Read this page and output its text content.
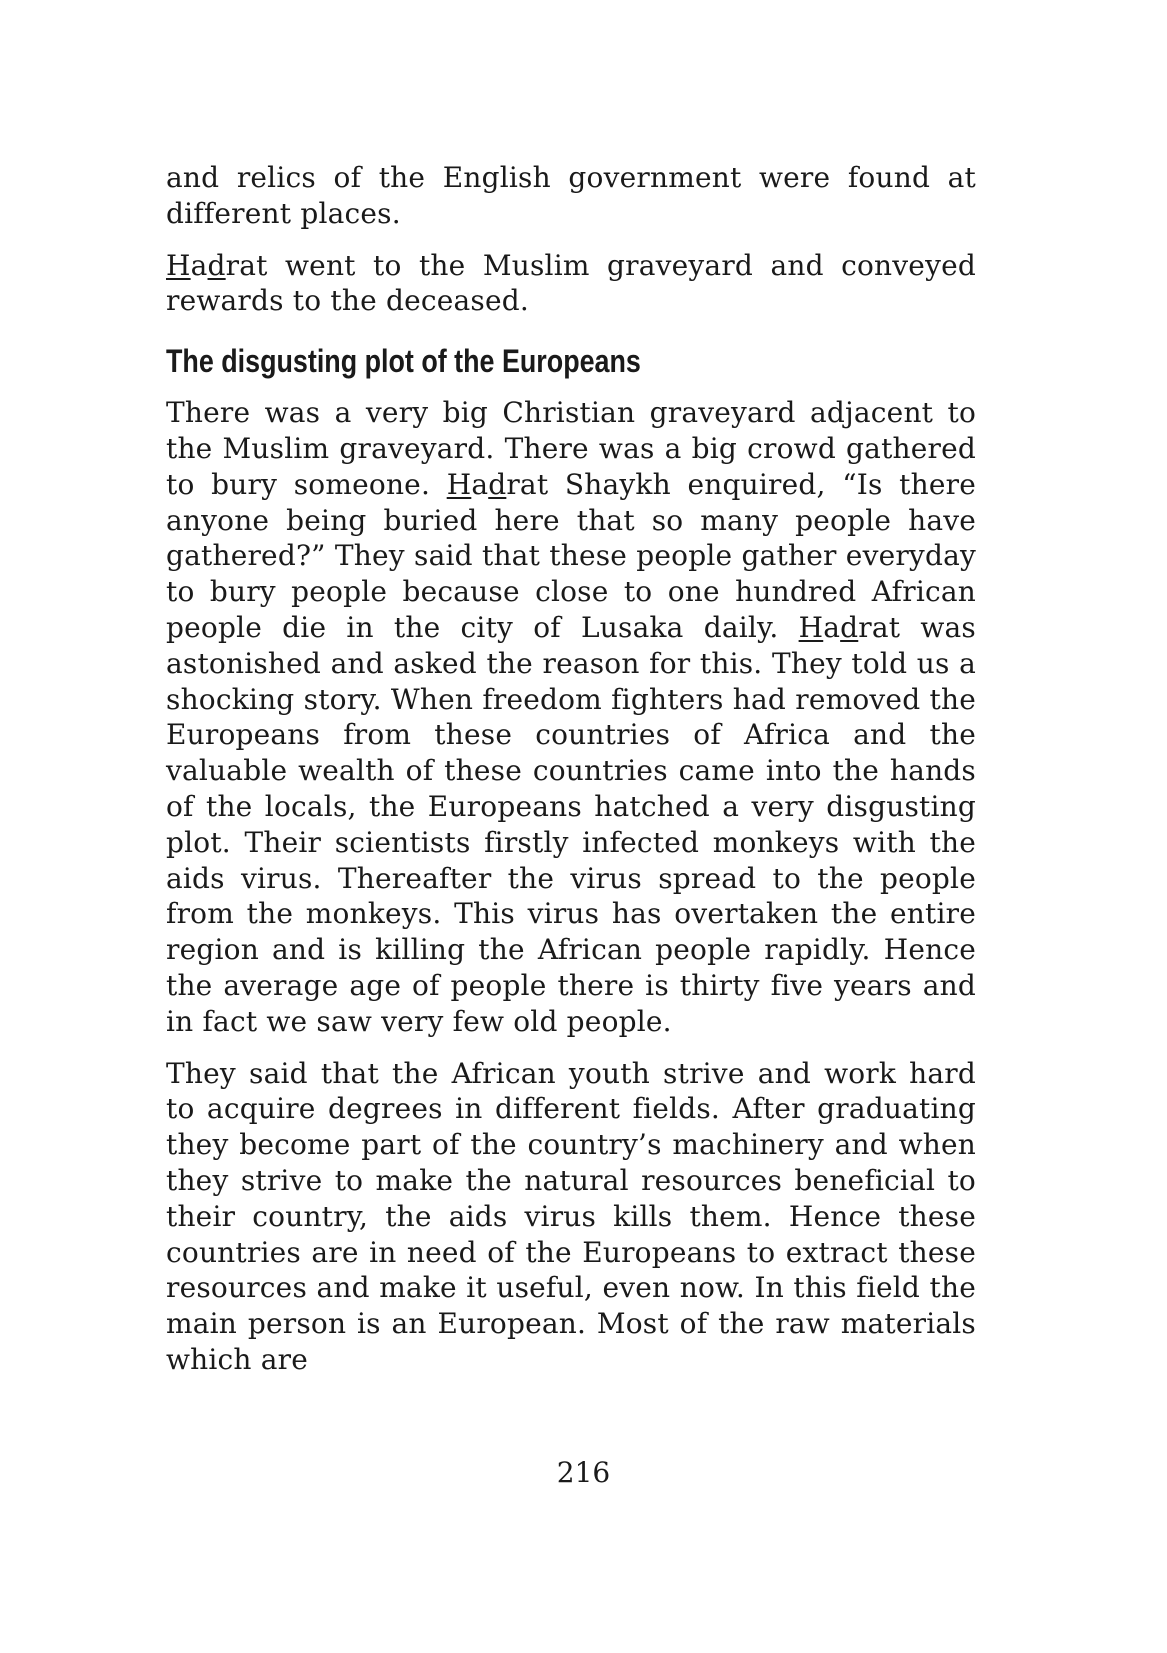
and relics of the English government were found at different places.

Hadrat went to the Muslim graveyard and conveyed rewards to the deceased.

The disgusting plot of the Europeans

There was a very big Christian graveyard adjacent to the Muslim graveyard. There was a big crowd gathered to bury someone. Hadrat Shaykh enquired, “Is there anyone being buried here that so many people have gathered?” They said that these people gather everyday to bury people because close to one hundred African people die in the city of Lusaka daily. Hadrat was astonished and asked the reason for this. They told us a shocking story. When freedom fighters had removed the Europeans from these countries of Africa and the valuable wealth of these countries came into the hands of the locals, the Europeans hatched a very disgusting plot. Their scientists firstly infected monkeys with the aids virus. Thereafter the virus spread to the people from the monkeys. This virus has overtaken the entire region and is killing the African people rapidly. Hence the average age of people there is thirty five years and in fact we saw very few old people.

They said that the African youth strive and work hard to acquire degrees in different fields. After graduating they become part of the country’s machinery and when they strive to make the natural resources beneficial to their country, the aids virus kills them. Hence these countries are in need of the Europeans to extract these resources and make it useful, even now. In this field the main person is an European. Most of the raw materials which are

216
